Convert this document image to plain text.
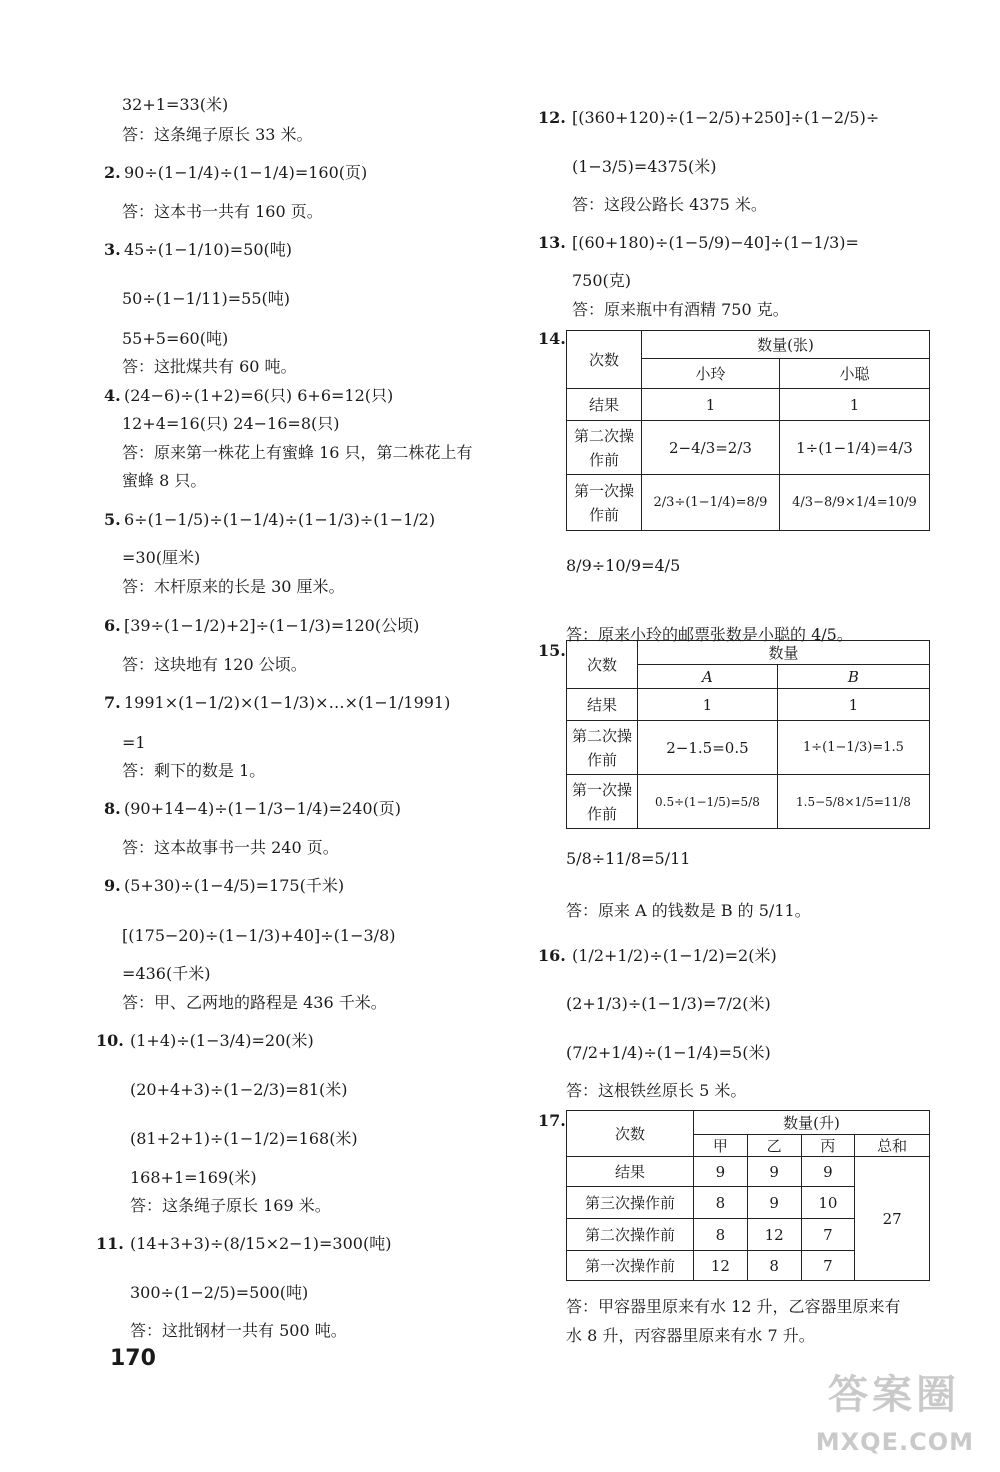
32+1=33(米)
答：这条绳子原长 33 米。
2. 90÷(1−1/4)÷(1−1/4)=160(页)
答：这本书一共有 160 页。
3. 45÷(1−1/10)=50(吨)
50÷(1−1/11)=55(吨)
55+5=60(吨)
答：这批煤共有 60 吨。
4. (24−6)÷(1+2)=6(只) 6+6=12(只)
12+4=16(只) 24−16=8(只)
答：原来第一株花上有蜜蜂 16 只，第二株花上有
蜜蜂 8 只。
5. 6÷(1−1/5)÷(1−1/4)÷(1−1/3)÷(1−1/2)
=30(厘米)
答：木杆原来的长是 30 厘米。
6. [39÷(1−1/2)+2]÷(1−1/3)=120(公顷)
答：这块地有 120 公顷。
7. 1991×(1−1/2)×(1−1/3)×…×(1−1/1991)
=1
答：剩下的数是 1。
8. (90+14−4)÷(1−1/3−1/4)=240(页)
答：这本故事书一共 240 页。
9. (5+30)÷(1−4/5)=175(千米)
[(175−20)÷(1−1/3)+40]÷(1−3/8)
=436(千米)
答：甲、乙两地的路程是 436 千米。
10. (1+4)÷(1−3/4)=20(米)
(20+4+3)÷(1−2/3)=81(米)
(81+2+1)÷(1−1/2)=168(米)
168+1=169(米)
答：这条绳子原长 169 米。
11. (14+3+3)÷(8/15×2−1)=300(吨)
300÷(1−2/5)=500(吨)
答：这批钢材一共有 500 吨。
12. [(360+120)÷(1−2/5)+250]÷(1−2/5)÷
(1−3/5)=4375(米)
答：这段公路长 4375 米。
13. [(60+180)÷(1−5/9)−40]÷(1−1/3)=
750(克)
答：原来瓶中有酒精 750 克。
14.
8/9÷10/9=4/5
答：原来小玲的邮票张数是小聪的 4/5。
15.
5/8÷11/8=5/11
答：原来 A 的钱数是 B 的 5/11。
16. (1/2+1/2)÷(1−1/2)=2(米)
(2+1/3)÷(1−1/3)=7/2(米)
(7/2+1/4)÷(1−1/4)=5(米)
答：这根铁丝原长 5 米。
17.
答：甲容器里原来有水 12 升，乙容器里原来有
水 8 升，丙容器里原来有水 7 升。
次数	数量(张)	
	小玲	小聪
结果	1	1
第二次操作前	2−4/3=2/3	1÷(1−1/4)=4/3
第一次操作前	2/3÷(1−1/4)=8/9	4/3−8/9×1/4=10/9
次数	数量	
	A	B
结果	1	1
第二次操作前	2−1.5=0.5	1÷(1−1/3)=1.5
第一次操作前	0.5÷(1−1/5)=5/8	1.5−5/8×1/5=11/8
次数	数量(升)			
	甲	乙	丙	总和
结果	9	9	9	27
第三次操作前	8	9	10	
第二次操作前	8	12	7	
第一次操作前	12	8	7	
170
答案圈
MXQE.COM
